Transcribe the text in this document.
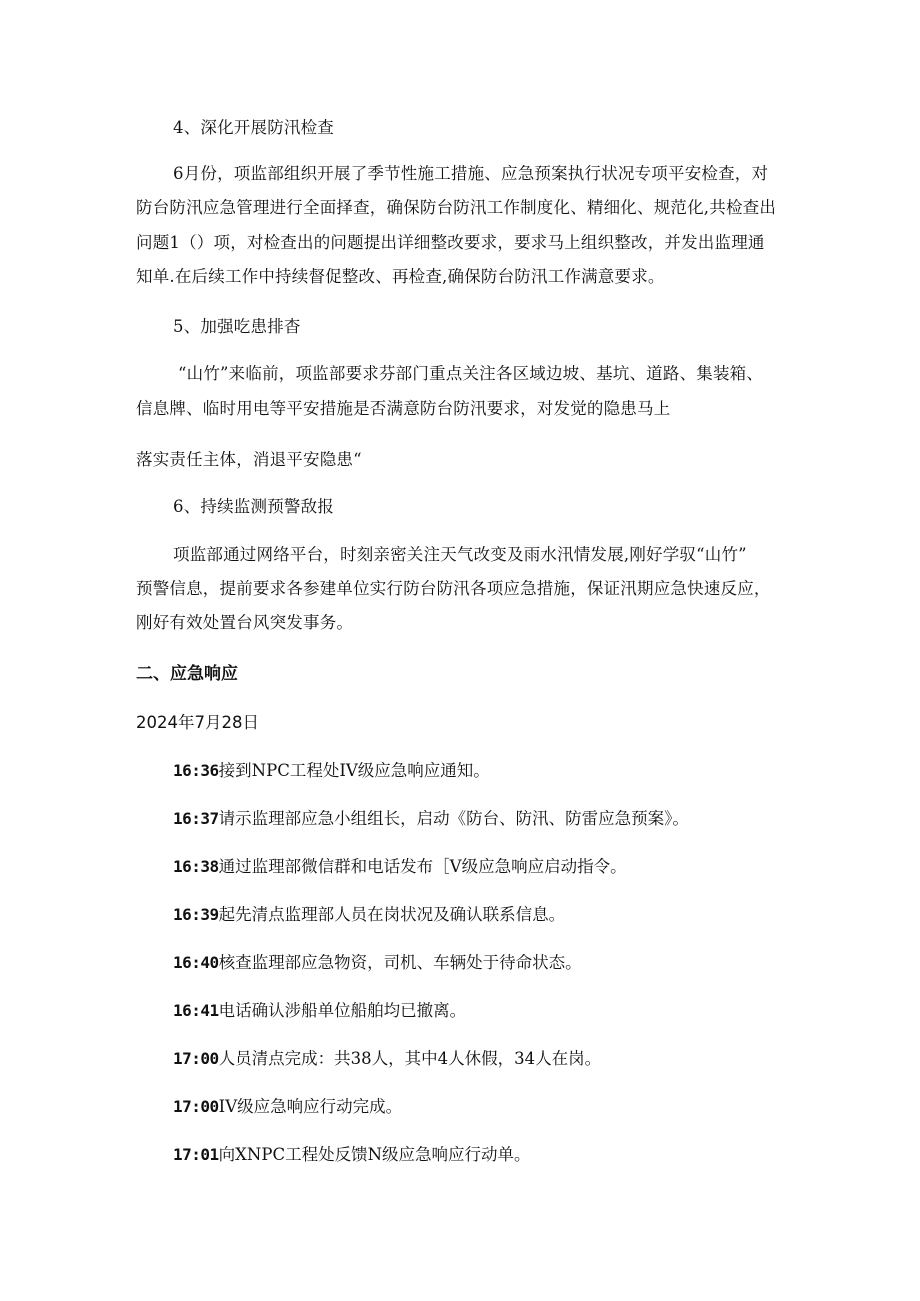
4、深化开展防汛检查
6月份，项监部组织开展了季节性施工措施、应急预案执行状况专项平安检查，对
防台防汛应急管理进行全面择查，确保防台防汛工作制度化、精细化、规范化,共检查出
问题1（）项，对检查出的问题提出详细整改要求，要求马上组织整改，并发出监理通
知单.在后续工作中持续督促整改、再检查,确保防台防汛工作满意要求。
5、加强吃患排杳
“山竹”来临前，项监部要求芬部门重点关注各区域边坡、基坑、道路、集装箱、
信息牌、临时用电等平安措施是否满意防台防汛要求，对发觉的隐患马上
落实责任主体，消退平安隐患“
6、持续监测预警敌报
项监部通过网络平台，时刻亲密关注天气改变及雨水汛情发展,刚好学驭“山竹”
预警信息，提前要求各参建单位实行防台防汛各项应急措施，保证汛期应急快速反应，
刚好有效处置台风突发事务。
二、应急响应
2024年7月28日
16:36接到NPC工程处IV级应急响应通知。
16:37请示监理部应急小组组长，启动《防台、防汛、防雷应急预案》。
16:38通过监理部微信群和电话发布［V级应急响应启动指令。
16:39起先清点监理部人员在岗状况及确认联系信息。
16:40核查监理部应急物资，司机、车辆处于待命状态。
16:41电话确认涉船单位船舶均已撤离。
17:00人员清点完成：共38人，其中4人休假，34人在岗。
17:00IV级应急响应行动完成。
17:01向XNPC工程处反馈N级应急响应行动单。
